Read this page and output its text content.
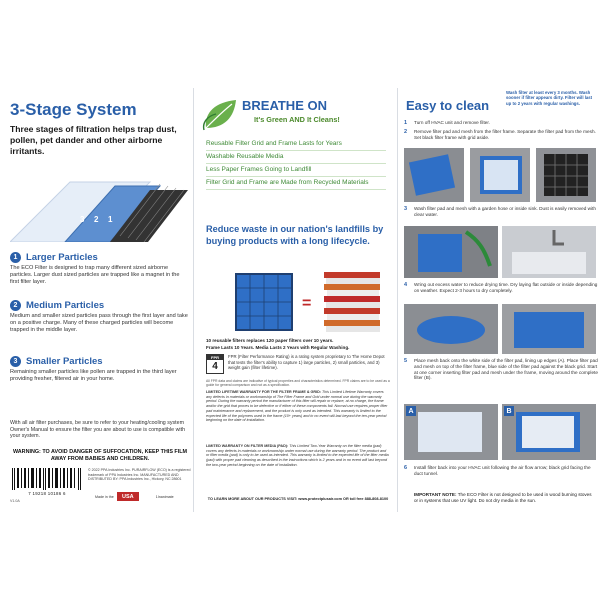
3-Stage System
Three stages of filtration helps trap dust, pollen, pet dander and other airborne irritants.
3 2 1
1 Larger Particles
The ECO Filter is designed to trap many different sized airborne particles. Larger dust sized particles are trapped like a magnet in the first filter layer.
2 Medium Particles
Medium and smaller sized particles pass through the first layer and take on a positive charge. Many of these charged particles will become trapped in the middle layer.
3 Smaller Particles
Remaining smaller particles like pollen are trapped in the third layer providing fresher, filtered air in your home.
With all air filter purchases, be sure to refer to your heating/cooling system Owner's Manual to ensure the filter you are about to use is compatible with your system.
WARNING: TO AVOID DANGER OF SUFFOCATION, KEEP THIS FILM AWAY FROM BABIES AND CHILDREN.
7 19218 10186 6
V1.0A
© 2022 PPA Industries Inc. PURAIRFLOW (ECO) is a registered trademark of PPA Industries Inc. MANUFACTURED AND DISTRIBUTED BY: PPA Industries Inc., Hickory, NC 28601
Made in the	USA	1Inanimate
BREATHE ON
It's Green AND It Cleans!
Reusable Filter Grid and Frame Lasts for Years
Washable Reusable Media
Less Paper Frames Going to Landfill
Filter Grid and Frame are Made from Recycled Materials
Reduce waste in our nation's landfills by buying products with a long lifecycle.
=
10 reusable filters replaces 120 paper filters over 10 years.
Frame Lasts 10 Years. Media Lasts 2 Years with Regular Washing.
FPR
4
FPR (Filter Performance Rating) is a rating system proprietary to The Home Depot that tests the filter's ability to capture 1) large particles, 2) small particles, and 3) weight gain (filter lifetime).
All FPR data and claims are indicative of typical properties and characteristics determined. FPR claims are to be used as a guide for general comparison and not as a specification.
LIMITED LIFETIME WARRANTY FOR THE FILTER FRAME & GRID: This Limited Lifetime Warranty covers any defects in materials or workmanship of The Filter Frame and Grid under normal use during the warranty period. During the warranty period the manufacturer of this filter will repair or replace, at no charge, the frame and/or the grid that proves to be defective or if either of these components fail. Normal use requires proper filter pad maintenance and replacement, and the product is only used as intended. This warranty is limited to the expected life of the polymers used in the frame (10+ years) and in no event will last beyond the ten-year period beginning on the date of installation.
LIMITED WARRANTY ON FILTER MEDIA (PAD): This Limited Two-Year Warranty on the filter media (pad) covers any defects in materials or workmanship under normal use during the warranty period. The product and or filter media (pad) is only to be used as intended. This warranty is limited to the expected life of the filter media (pad) with proper pad cleaning as described in the instructions which is 2 years and in no event will last beyond the two-year period beginning on the date of installation.
TO LEARN MORE ABOUT OUR PRODUCTS VISIT: www.protectplusair.com OR toll free 888-808-8100
Easy to clean
Wash filter at least every 3 months. Wash sooner if filter appears dirty. Filter will last up to 2 years with regular washings.
1	Turn off HVAC unit and remove filter.
2	Remove filter pad and mesh from the filter frame. Separate the filter pad from the mesh. Set black filter frame with grid aside.
3	Wash filter pad and mesh with a garden hose or inside sink. Dust is easily removed with clear water.
4	Wring out excess water to reduce drying time. Dry laying flat outside or inside depending on weather. Expect 2-3 hours to dry completely.
5	Place mesh back onto the white side of the filter pad, lining up edges (A). Place filter pad and mesh on top of the filter frame, blue side of the filter pad against the black grid. Start at one corner inserting filter pad and mesh under the frame, moving around the complete filter (B).
A	B
6	Install filter back into your HVAC unit following the air flow arrow; black grid facing the duct tunnel.
IMPORTANT NOTE: The ECO Filter is not designed to be used in wood burning stoves or in systems that use UV light. Do not dry media in the sun.
